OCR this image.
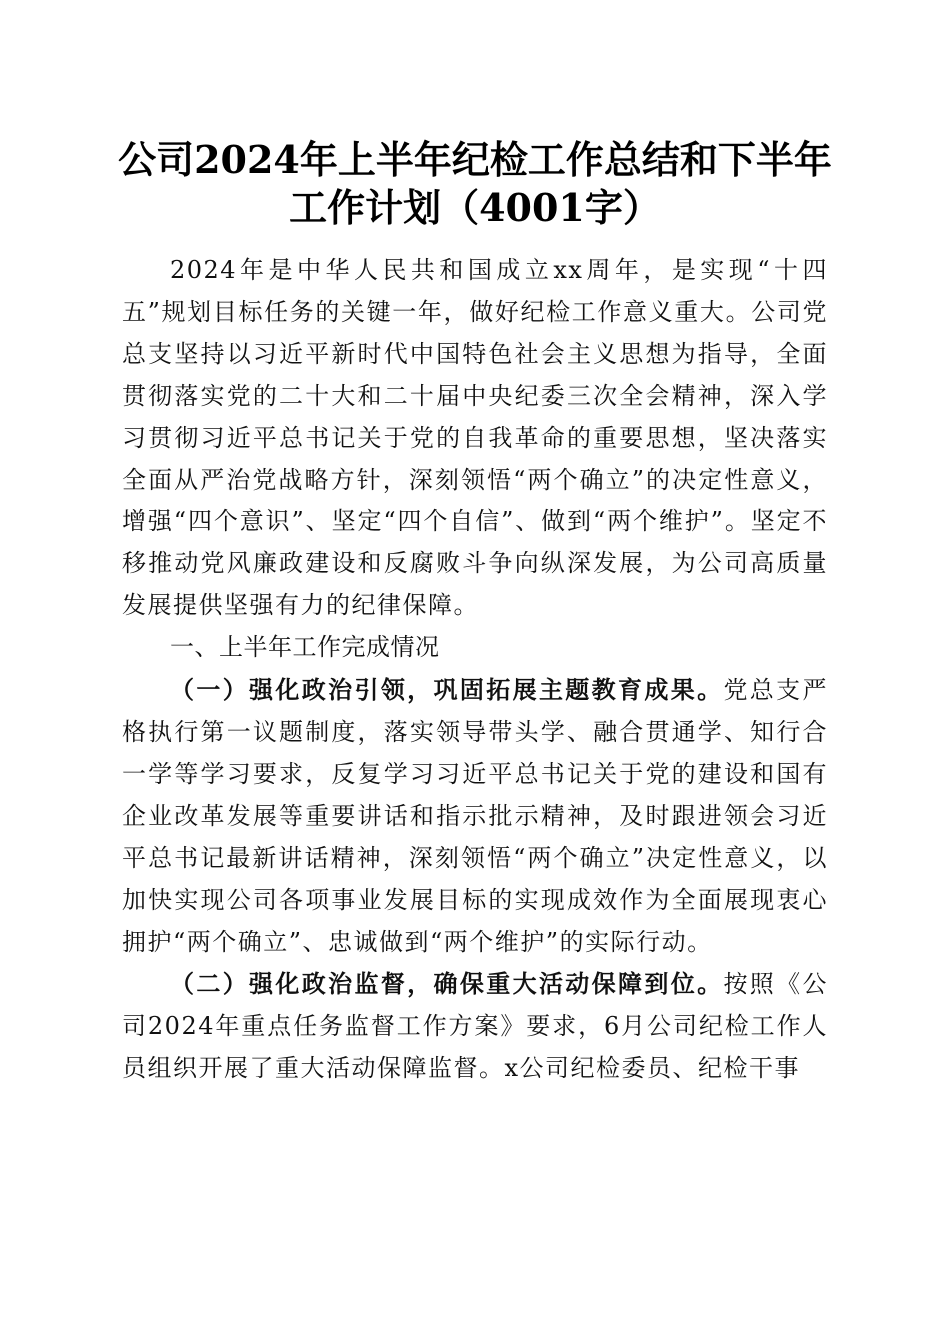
公司2024年上半年纪检工作总结和下半年工作计划（4001字）

2024年是中华人民共和国成立xx周年，是实现“十四五”规划目标任务的关键一年，做好纪检工作意义重大。公司党总支坚持以习近平新时代中国特色社会主义思想为指导，全面贯彻落实党的二十大和二十届中央纪委三次全会精神，深入学习贯彻习近平总书记关于党的自我革命的重要思想，坚决落实全面从严治党战略方针，深刻领悟“两个确立”的决定性意义，增强“四个意识”、坚定“四个自信”、做到“两个维护”。坚定不移推动党风廉政建设和反腐败斗争向纵深发展，为公司高质量发展提供坚强有力的纪律保障。

一、上半年工作完成情况

（一）强化政治引领，巩固拓展主题教育成果。党总支严格执行第一议题制度，落实领导带头学、融合贯通学、知行合一学等学习要求，反复学习习近平总书记关于党的建设和国有企业改革发展等重要讲话和指示批示精神，及时跟进领会习近平总书记最新讲话精神，深刻领悟“两个确立”决定性意义，以加快实现公司各项事业发展目标的实现成效作为全面展现衷心拥护“两个确立”、忠诚做到“两个维护”的实际行动。

（二）强化政治监督，确保重大活动保障到位。按照《公司2024年重点任务监督工作方案》要求，6月公司纪检工作人员组织开展了重大活动保障监督。x公司纪检委员、纪检干事
